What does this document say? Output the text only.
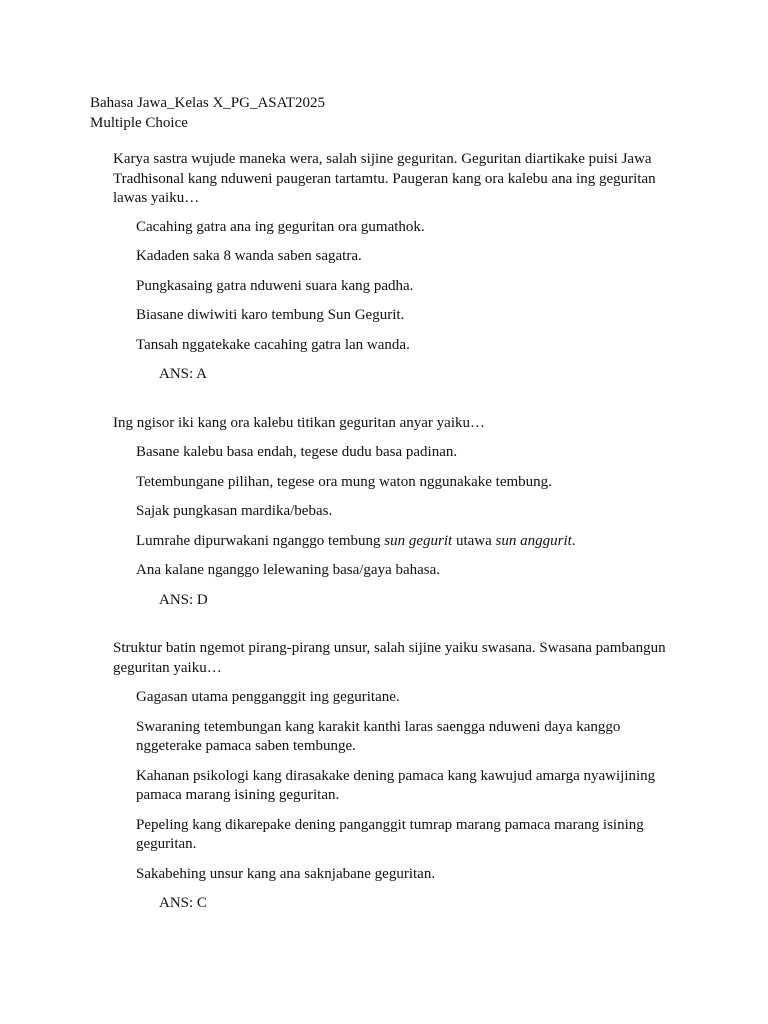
Bahasa Jawa_Kelas X_PG_ASAT2025
Multiple Choice
Karya sastra wujude maneka wera, salah sijine geguritan. Geguritan diartikake puisi Jawa Tradhisonal kang nduweni paugeran tartamtu. Paugeran kang ora kalebu ana ing geguritan lawas yaiku…
Cacahing gatra ana ing geguritan ora gumathok.
Kadaden saka 8 wanda saben sagatra.
Pungkasaing gatra nduweni suara kang padha.
Biasane diwiwiti karo tembung Sun Gegurit.
Tansah nggatekake cacahing gatra lan wanda.
ANS: A
Ing ngisor iki kang ora kalebu titikan geguritan anyar yaiku…
Basane kalebu basa endah, tegese dudu basa padinan.
Tetembungane pilihan, tegese ora mung waton nggunakake tembung.
Sajak pungkasan mardika/bebas.
Lumrahe dipurwakani nganggo tembung sun gegurit utawa sun anggurit.
Ana kalane nganggo lelewaning basa/gaya bahasa.
ANS: D
Struktur batin ngemot pirang-pirang unsur, salah sijine yaiku swasana. Swasana pambangun geguritan yaiku…
Gagasan utama pengganggit ing geguritane.
Swaraning tetembungan kang karakit kanthi laras saengga nduweni daya kanggo nggeterake pamaca saben tembunge.
Kahanan psikologi kang dirasakake dening pamaca kang kawujud amarga nyawijining pamaca marang isining geguritan.
Pepeling kang dikarepake dening panganggit tumrap marang pamaca marang isining geguritan.
Sakabehing unsur kang ana saknjabane geguritan.
ANS: C
